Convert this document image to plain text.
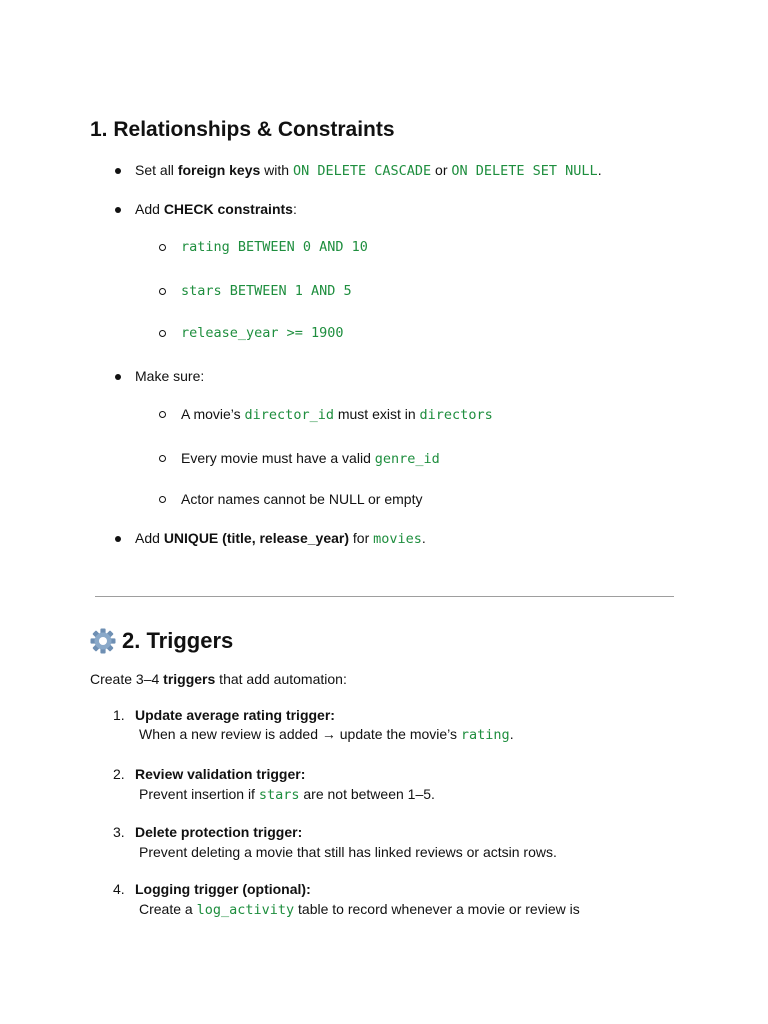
1. Relationships & Constraints
Set all foreign keys with ON DELETE CASCADE or ON DELETE SET NULL.
Add CHECK constraints:
rating BETWEEN 0 AND 10
stars BETWEEN 1 AND 5
release_year >= 1900
Make sure:
A movie’s director_id must exist in directors
Every movie must have a valid genre_id
Actor names cannot be NULL or empty
Add UNIQUE (title, release_year) for movies.
2. Triggers
Create 3–4 triggers that add automation:
1. Update average rating trigger:
When a new review is added → update the movie’s rating.
2. Review validation trigger:
Prevent insertion if stars are not between 1–5.
3. Delete protection trigger:
Prevent deleting a movie that still has linked reviews or actsin rows.
4. Logging trigger (optional):
Create a log_activity table to record whenever a movie or review is
